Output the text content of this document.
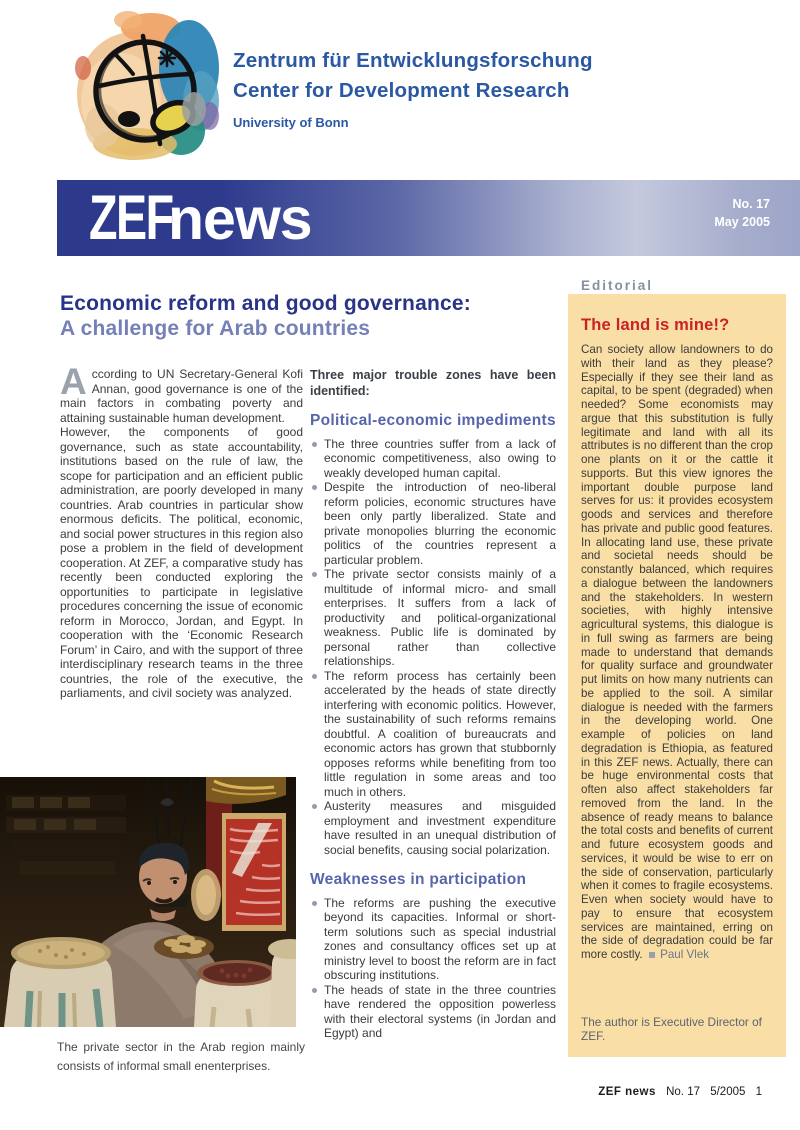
Zentrum für Entwicklungsforschung
Center for Development Research
University of Bonn
ZEF
news	No. 17
May 2005
Economic reform and good governance:
A challenge for Arab countries

According to UN Secretary-General Kofi Annan, good governance is one of the main factors in combating poverty and attaining sustainable human development.

However, the components of good governance, such as state accountability, institutions based on the rule of law, the scope for participation and an efficient public administration, are poorly developed in many countries. Arab countries in particular show enormous deficits. The political, economic, and social power structures in this region also pose a problem in the field of development cooperation. At ZEF, a comparative study has recently been conducted exploring the opportunities to participate in legislative procedures concerning the issue of economic reform in Morocco, Jordan, and Egypt. In cooperation with the ‘Economic Research Forum’ in Cairo, and with the support of three interdisciplinary research teams in the three countries, the role of the executive, the parliaments, and civil society was analyzed.

Three major trouble zones have been identified:
Political-economic impediments

The three countries suffer from a lack of economic competitiveness, also owing to weakly developed human capital.

Despite the introduction of neo-liberal reform policies, economic structures have been only partly liberalized. State and private monopolies blurring the economic politics of the countries represent a particular problem.

The private sector consists mainly of a multitude of informal micro- and small enterprises. It suffers from a lack of productivity and political-organizational weakness. Public life is dominated by personal rather than collective relationships.

The reform process has certainly been accelerated by the heads of state directly interfering with economic politics. However, the sustainability of such reforms remains doubtful. A coalition of bureaucrats and economic actors has grown that stubbornly opposes reforms while benefiting from too little regulation in some areas and too much in others.

Austerity measures and misguided employment and investment expenditure have resulted in an unequal distribution of social benefits, causing social polarization.

Weaknesses in participation

The reforms are pushing the executive beyond its capacities. Informal or short-term solutions such as special industrial zones and consultancy offices set up at ministry level to boost the reform are in fact obscuring institutions.

The heads of state in the three countries have rendered the opposition powerless with their electoral systems (in Jordan and Egypt) and

The private sector in the Arab region mainly consists of informal small enenterprises.
Editorial
The land is mine!?

Can society allow landowners to do with their land as they please? Especially if they see their land as capital, to be spent (degraded) when needed? Some economists may argue that this substitution is fully legitimate and land with all its attributes is no different than the crop one plants on it or the cattle it supports. But this view ignores the important double purpose land serves for us: it provides ecosystem goods and services and therefore has private and public good features. In allocating land use, these private and societal needs should be constantly balanced, which requires a dialogue between the landowners and the stakeholders. In western societies, with highly intensive agricultural systems, this dialogue is in full swing as farmers are being made to understand that demands for quality surface and groundwater put limits on how many nutrients can be applied to the soil. A similar dialogue is needed with the farmers in the developing world. One example of policies on land degradation is Ethiopia, as featured in this ZEF news. Actually, there can be huge environmental costs that often also affect stakeholders far removed from the land. In the absence of ready means to balance the total costs and benefits of current and future ecosystem goods and services, it would be wise to err on the side of conservation, particularly when it comes to fragile ecosystems. Even when society would have to pay to ensure that ecosystem services are maintained, erring on the side of degradation could be far more costly. Paul Vlek

The author is Executive Director of ZEF.
ZEF news No. 17 5/2005 1
